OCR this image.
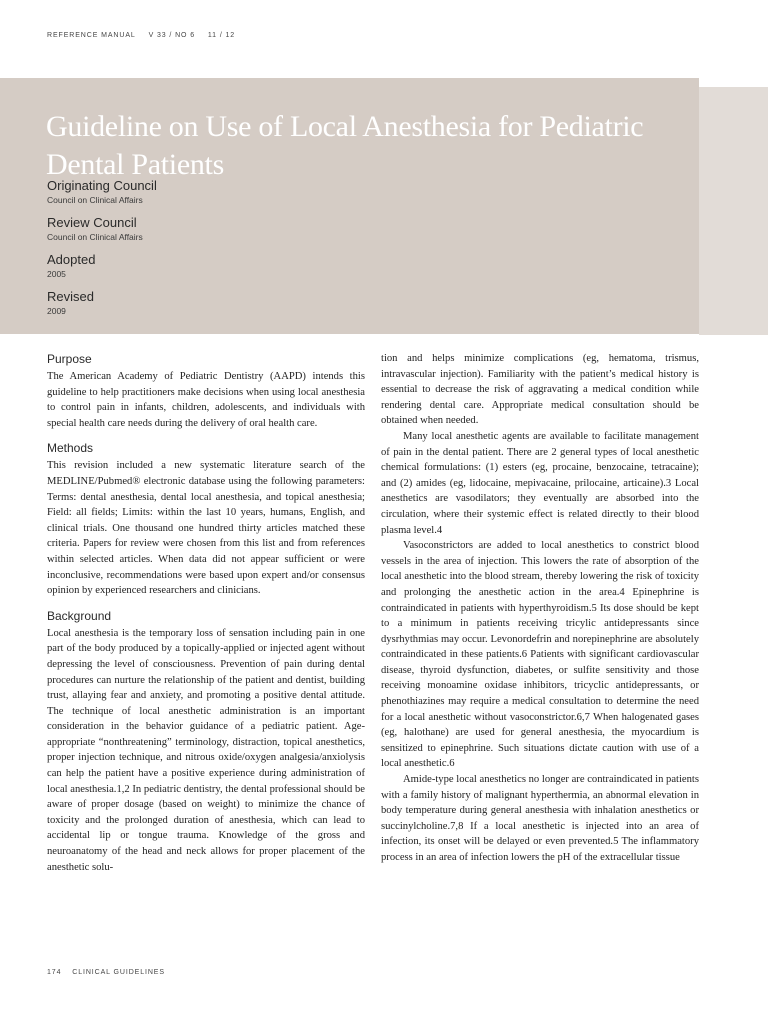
REFERENCE MANUAL V 33 / NO 6 11 / 12
Guideline on Use of Local Anesthesia for Pediatric Dental Patients
Originating Council
Council on Clinical Affairs
Review Council
Council on Clinical Affairs
Adopted
2005
Revised
2009
Purpose

The American Academy of Pediatric Dentistry (AAPD) intends this guideline to help practitioners make decisions when using local anesthesia to control pain in infants, children, adolescents, and individuals with special health care needs during the delivery of oral health care.

Methods

This revision included a new systematic literature search of the MEDLINE/Pubmed® electronic database using the following parameters: Terms: dental anesthesia, dental local anesthesia, and topical anesthesia; Field: all fields; Limits: within the last 10 years, humans, English, and clinical trials. One thousand one hundred thirty articles matched these criteria. Papers for review were chosen from this list and from references within selected articles. When data did not appear sufficient or were inconclusive, recommendations were based upon expert and/or consensus opinion by experienced researchers and clinicians.

Background

Local anesthesia is the temporary loss of sensation including pain in one part of the body produced by a topically-applied or injected agent without depressing the level of consciousness. Prevention of pain during dental procedures can nurture the relationship of the patient and dentist, building trust, allaying fear and anxiety, and promoting a positive dental attitude. The technique of local anesthetic administration is an important consideration in the behavior guidance of a pediatric patient. Age-appropriate “nonthreatening” terminology, distraction, topical anesthetics, proper injection technique, and nitrous oxide/oxygen analgesia/anxiolysis can help the patient have a positive experience during administration of local anesthesia.1,2 In pediatric dentistry, the dental professional should be aware of proper dosage (based on weight) to minimize the chance of toxicity and the prolonged duration of anesthesia, which can lead to accidental lip or tongue trauma. Knowledge of the gross and neuroanatomy of the head and neck allows for proper placement of the anesthetic solu-

tion and helps minimize complications (eg, hematoma, trismus, intravascular injection). Familiarity with the patient’s medical history is essential to decrease the risk of aggravating a medical condition while rendering dental care. Appropriate medical consultation should be obtained when needed.

Many local anesthetic agents are available to facilitate management of pain in the dental patient. There are 2 general types of local anesthetic chemical formulations: (1) esters (eg, procaine, benzocaine, tetracaine); and (2) amides (eg, lidocaine, mepivacaine, prilocaine, articaine).3 Local anesthetics are vasodilators; they eventually are absorbed into the circulation, where their systemic effect is related directly to their blood plasma level.4

Vasoconstrictors are added to local anesthetics to constrict blood vessels in the area of injection. This lowers the rate of absorption of the local anesthetic into the blood stream, thereby lowering the risk of toxicity and prolonging the anesthetic action in the area.4 Epinephrine is contraindicated in patients with hyperthyroidism.5 Its dose should be kept to a minimum in patients receiving tricylic antidepressants since dysrhythmias may occur. Levonordefrin and norepinephrine are absolutely contraindicated in these patients.6 Patients with significant cardiovascular disease, thyroid dysfunction, diabetes, or sulfite sensitivity and those receiving monoamine oxidase inhibitors, tricyclic antidepressants, or phenothiazines may require a medical consultation to determine the need for a local anesthetic without vasoconstrictor.6,7 When halogenated gases (eg, halothane) are used for general anesthesia, the myocardium is sensitized to epinephrine. Such situations dictate caution with use of a local anesthetic.6

Amide-type local anesthetics no longer are contraindicated in patients with a family history of malignant hyperthermia, an abnormal elevation in body temperature during general anesthesia with inhalation anesthetics or succinylcholine.7,8 If a local anesthetic is injected into an area of infection, its onset will be delayed or even prevented.5 The inflammatory process in an area of infection lowers the pH of the extracellular tissue

174 CLINICAL GUIDELINES
